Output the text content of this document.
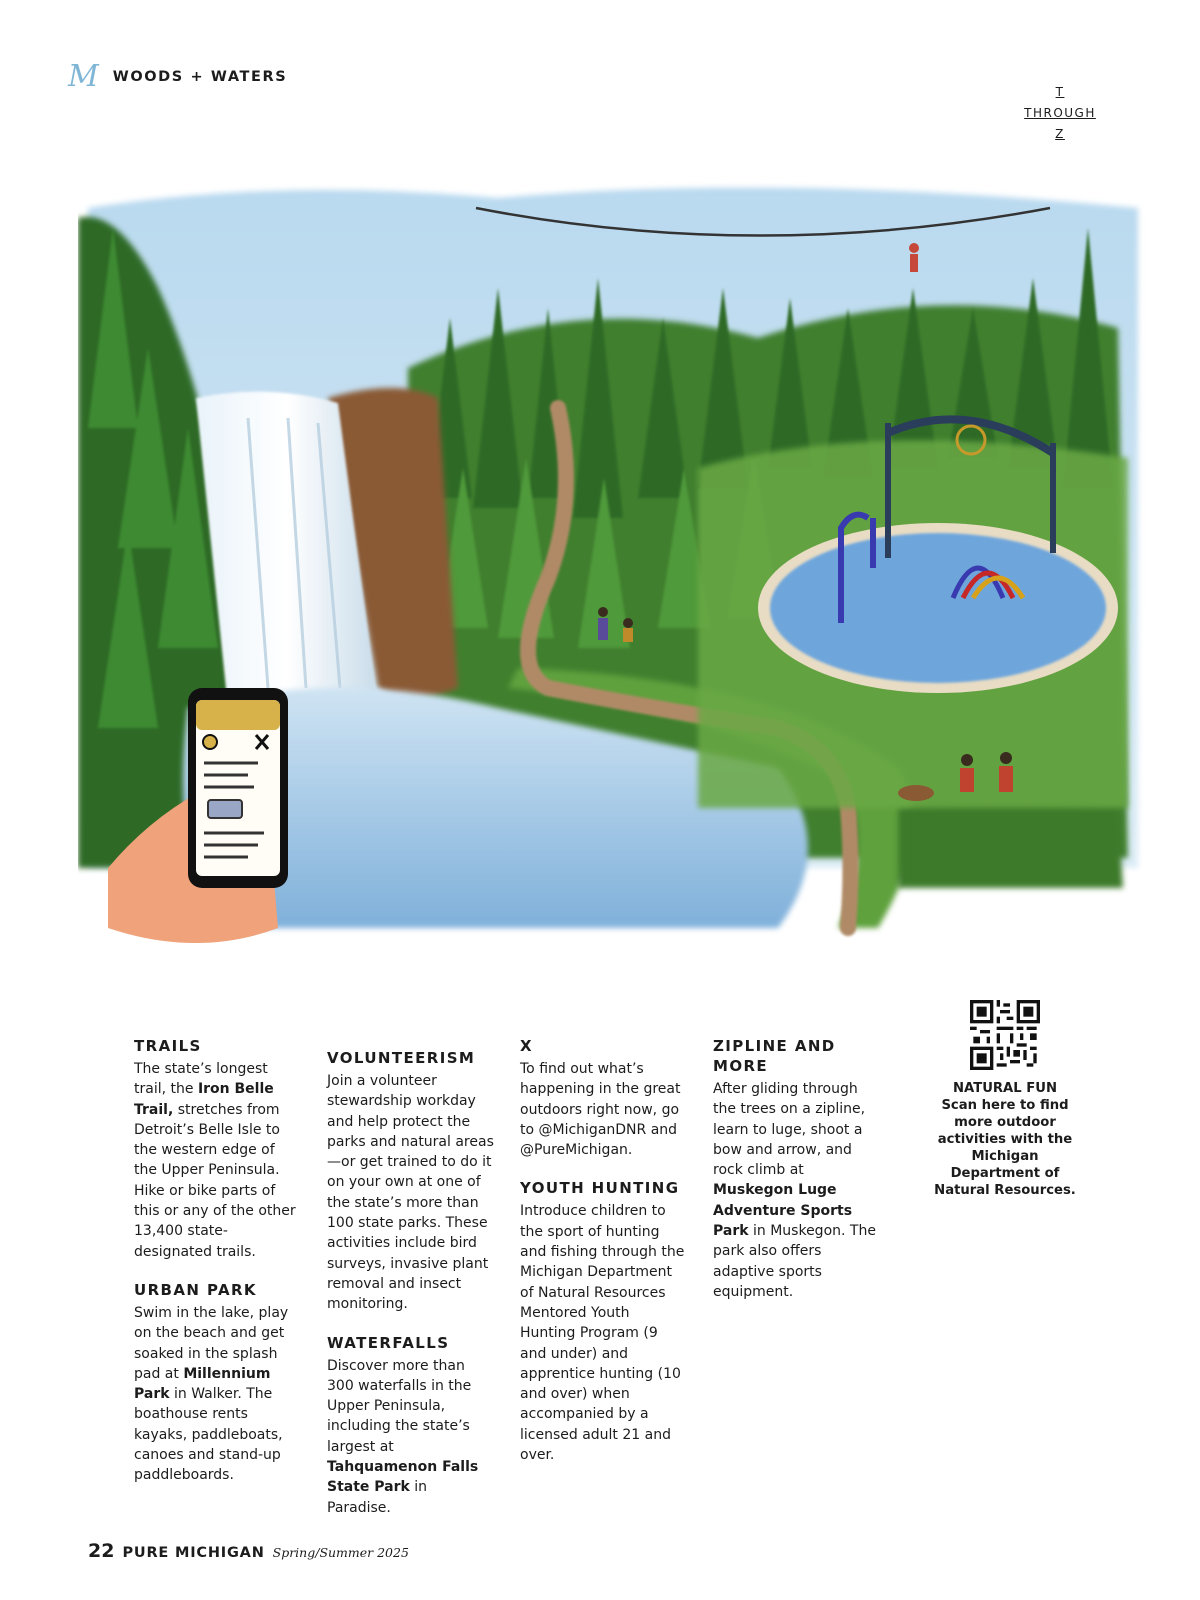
M WOODS + WATERS
T
THROUGH
Z
TRAILS

The state’s longest trail, the Iron Belle Trail, stretches from Detroit’s Belle Isle to the western edge of the Upper Peninsula. Hike or bike parts of this or any of the other 13,400 state-designated trails.

URBAN PARK

Swim in the lake, play on the beach and get soaked in the splash pad at Millennium Park in Walker. The boathouse rents kayaks, paddleboats, canoes and stand-up paddleboards.

VOLUNTEERISM

Join a volunteer stewardship workday and help protect the parks and natural areas—or get trained to do it on your own at one of the state’s more than 100 state parks. These activities include bird surveys, invasive plant removal and insect monitoring.

WATERFALLS

Discover more than 300 waterfalls in the Upper Peninsula, including the state’s largest at Tahquamenon Falls State Park in Paradise.

X

To find out what’s happening in the great outdoors right now, go to @MichiganDNR and @PureMichigan.

YOUTH HUNTING

Introduce children to the sport of hunting and fishing through the Michigan Department of Natural Resources Mentored Youth Hunting Program (9 and under) and apprentice hunting (10 and over) when accompanied by a licensed adult 21 and over.

ZIPLINE AND MORE

After gliding through the trees on a zipline, learn to luge, shoot a bow and arrow, and rock climb at Muskegon Luge Adventure Sports Park in Muskegon. The park also offers adaptive sports equipment.

NATURAL FUN

Scan here to find more outdoor activities with the Michigan Department of Natural Resources.

22 PURE MICHIGAN Spring/Summer 2025
